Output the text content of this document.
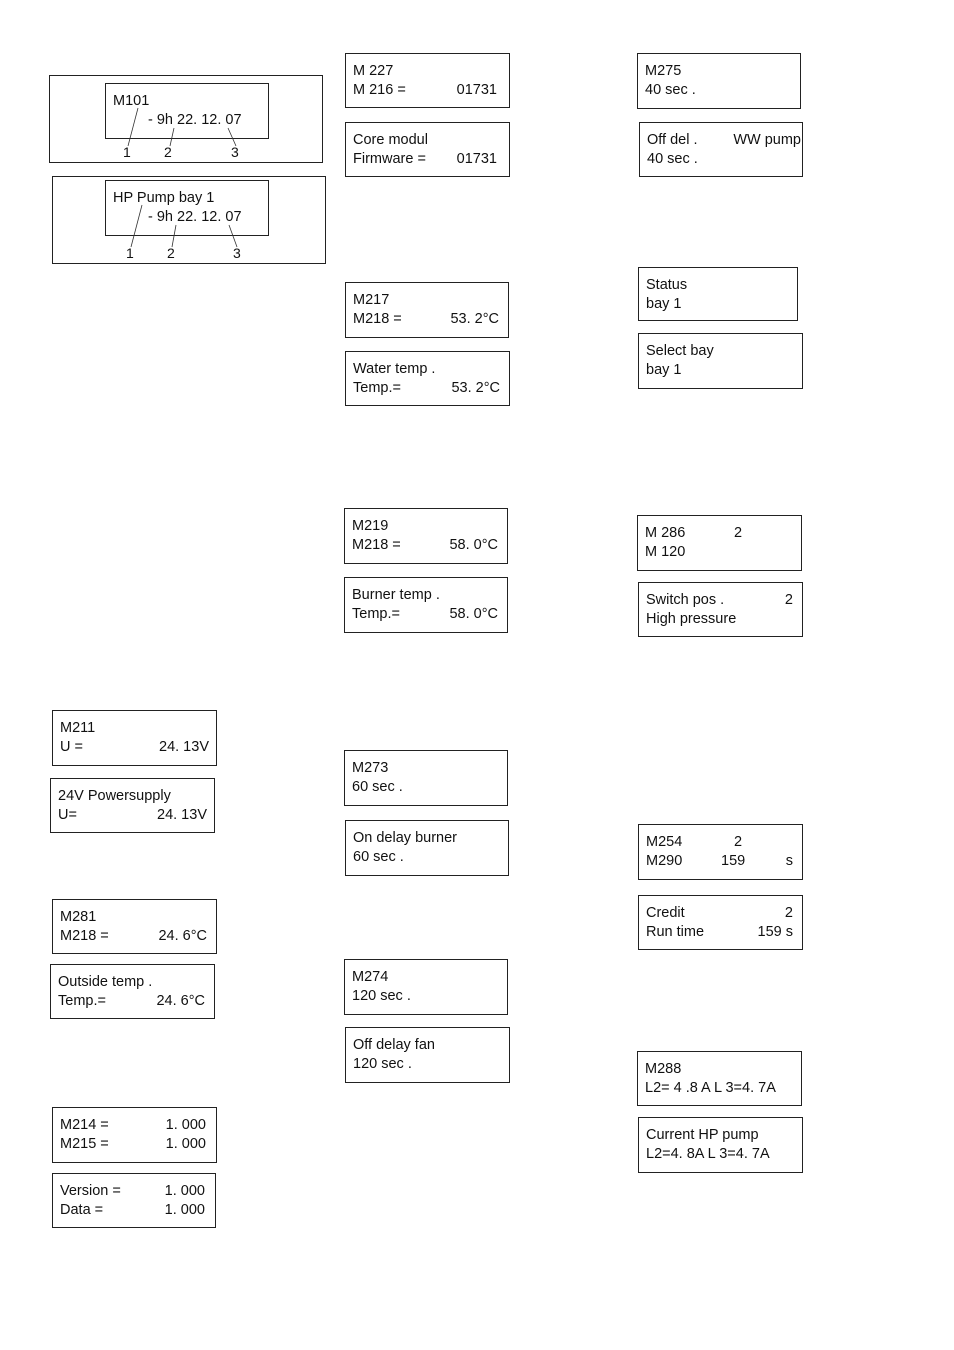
M101
- 9h 22. 12. 07
1 2	3
HP Pump bay 1
- 9h 22. 12. 07
1 2	3
M211
U =	24. 13V
24V Powersupply
U=	24. 13V
M281
M218 =	24. 6°C
Outside temp .
Temp.=	24. 6°C
M214 =	1. 000
M215 =	1. 000
Version =	1. 000
Data =	1. 000
M 227
M 216 =	01731
Core modul
Firmware = 01731
M217
M218 =	53. 2°C
Water temp .
Temp.=	53. 2°C
M219
M218 =	58. 0°C
Burner temp .
Temp.=	58. 0°C
M273
60 sec .
On delay burner
60 sec .
M274
120 sec .
Off delay fan
120 sec .
M275
40 sec .
Off del . WW pump
40 sec .
Status
bay 1
Select bay
bay 1
M 286	2
M 120
Switch pos .	2
High pressure
M254	2
M290	159	s
Credit	2
Run time	159 s
M288
L2= 4 .8 A L 3=4. 7A
Current HP pump
L2=4. 8A L 3=4. 7A
